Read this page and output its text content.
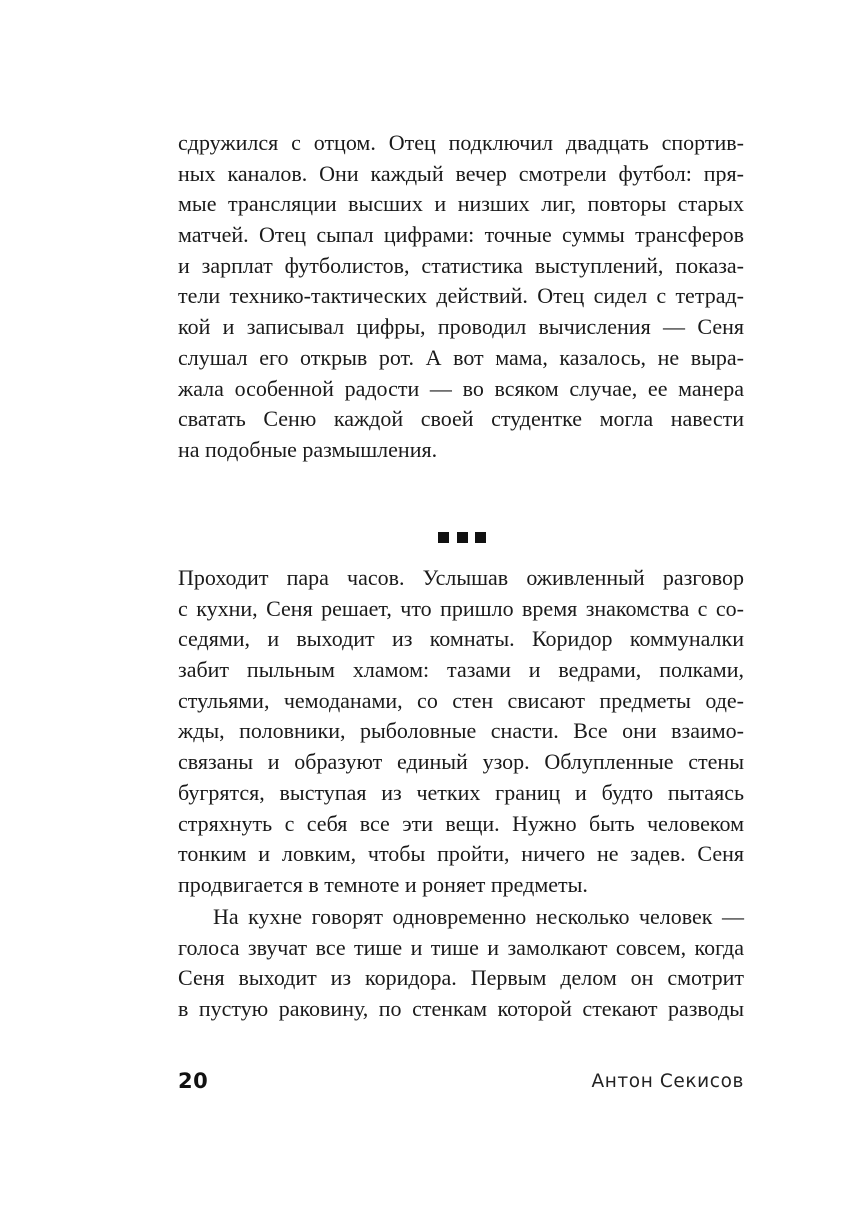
сдружился с отцом. Отец подключил двадцать спортив-
ных каналов. Они каждый вечер смотрели футбол: пря-
мые трансляции высших и низших лиг, повторы старых
матчей. Отец сыпал цифрами: точные суммы трансферов
и зарплат футболистов, статистика выступлений, показа-
тели технико-тактических действий. Отец сидел с тетрад-
кой и записывал цифры, проводил вычисления — Сеня
слушал его открыв рот. А вот мама, казалось, не выра-
жала особенной радости — во всяком случае, ее манера
сватать Сеню каждой своей студентке могла навести
на подобные размышления.
Проходит пара часов. Услышав оживленный разговор
с кухни, Сеня решает, что пришло время знакомства с со-
седями, и выходит из комнаты. Коридор коммуналки
забит пыльным хламом: тазами и ведрами, полками,
стульями, чемоданами, со стен свисают предметы оде-
жды, половники, рыболовные снасти. Все они взаимо-
связаны и образуют единый узор. Облупленные стены
бугрятся, выступая из четких границ и будто пытаясь
стряхнуть с себя все эти вещи. Нужно быть человеком
тонким и ловким, чтобы пройти, ничего не задев. Сеня
продвигается в темноте и роняет предметы.
На кухне говорят одновременно несколько человек —
голоса звучат все тише и тише и замолкают совсем, когда
Сеня выходит из коридора. Первым делом он смотрит
в пустую раковину, по стенкам которой стекают разводы
20	Антон Секисов
